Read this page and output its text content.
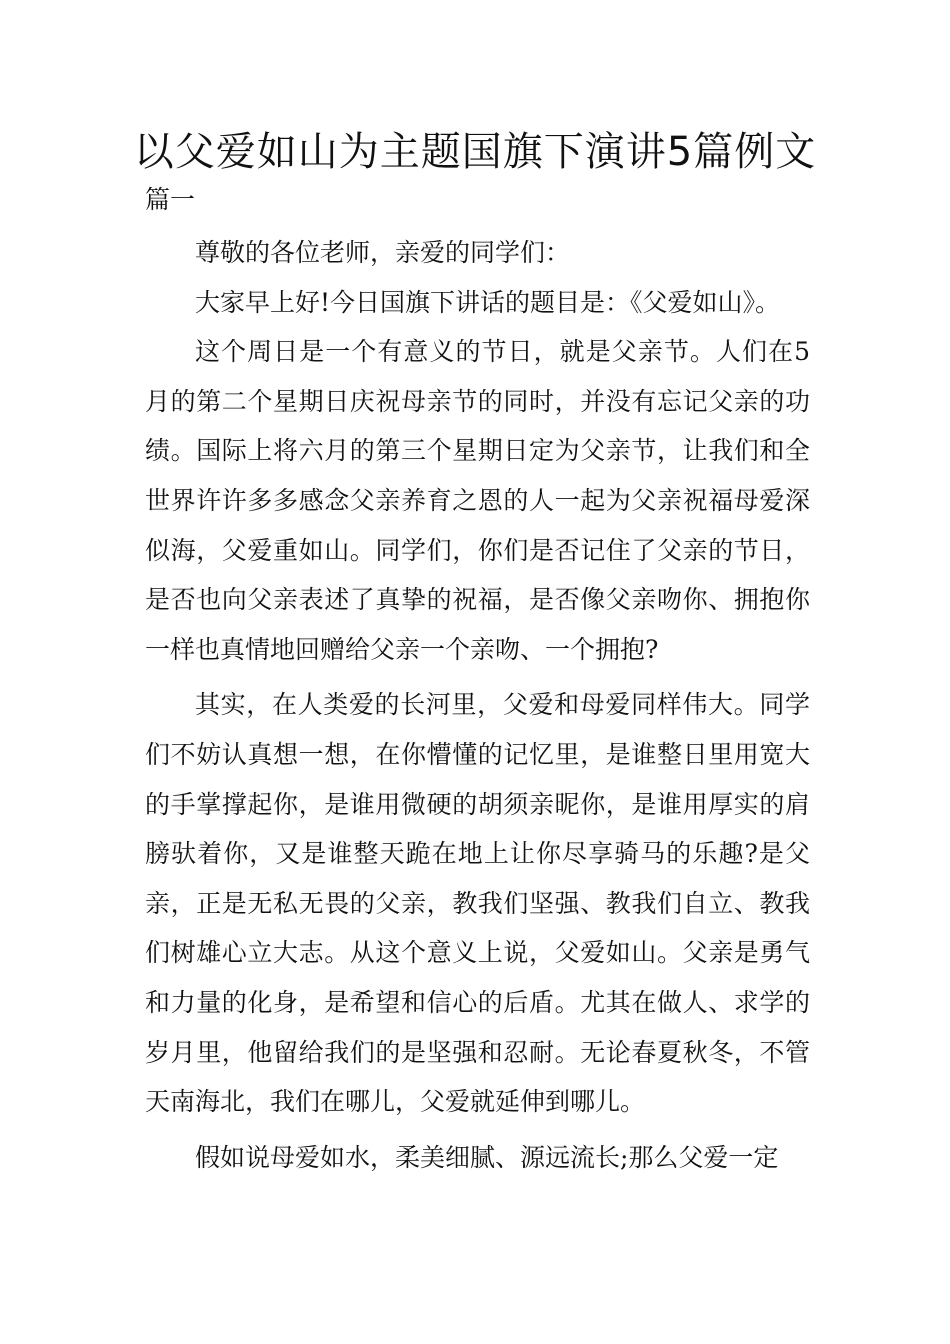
以父爱如山为主题国旗下演讲5篇例文
篇一

尊敬的各位老师，亲爱的同学们：

大家早上好!今日国旗下讲话的题目是：《父爱如山》。

这个周日是一个有意义的节日，就是父亲节。人们在5月的第二个星期日庆祝母亲节的同时，并没有忘记父亲的功绩。国际上将六月的第三个星期日定为父亲节，让我们和全世界许许多多感念父亲养育之恩的人一起为父亲祝福母爱深似海，父爱重如山。同学们，你们是否记住了父亲的节日，是否也向父亲表述了真挚的祝福，是否像父亲吻你、拥抱你一样也真情地回赠给父亲一个亲吻、一个拥抱?

其实，在人类爱的长河里，父爱和母爱同样伟大。同学们不妨认真想一想，在你懵懂的记忆里，是谁整日里用宽大的手掌撑起你，是谁用微硬的胡须亲昵你，是谁用厚实的肩膀驮着你，又是谁整天跪在地上让你尽享骑马的乐趣?是父亲，正是无私无畏的父亲，教我们坚强、教我们自立、教我们树雄心立大志。从这个意义上说，父爱如山。父亲是勇气和力量的化身，是希望和信心的后盾。尤其在做人、求学的岁月里，他留给我们的是坚强和忍耐。无论春夏秋冬，不管天南海北，我们在哪儿，父爱就延伸到哪儿。

假如说母爱如水，柔美细腻、源远流长;那么父爱一定
